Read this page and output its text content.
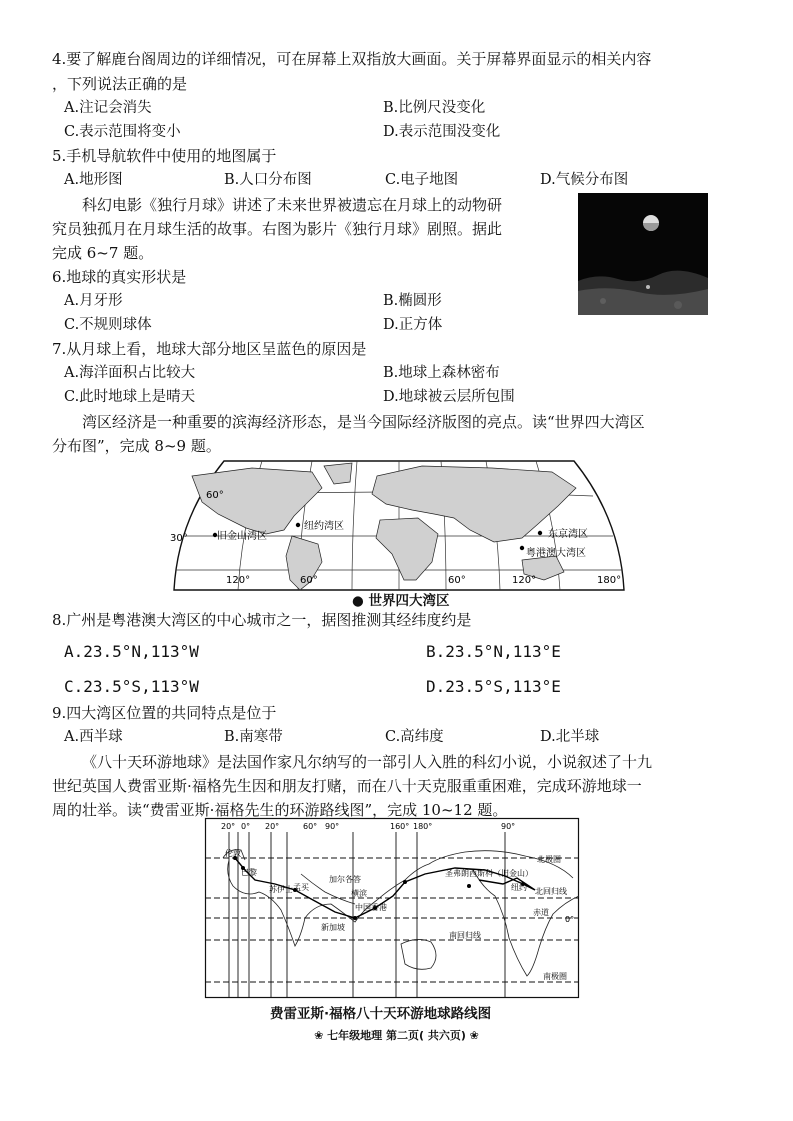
4.要了解鹿台阁周边的详细情况，可在屏幕上双指放大画面。关于屏幕界面显示的相关内容
，下列说法正确的是
A.注记会消失	B.比例尺没变化
C.表示范围将变小	D.表示范围没变化
5.手机导航软件中使用的地图属于
A.地形图	B.人口分布图	C.电子地图	D.气候分布图
科幻电影《独行月球》讲述了未来世界被遗忘在月球上的动物研
究员独孤月在月球生活的故事。右图为影片《独行月球》剧照。据此
完成 6~7 题。
6.地球的真实形状是
A.月牙形	B.椭圆形
C.不规则球体	D.正方体
7.从月球上看，地球大部分地区呈蓝色的原因是
A.海洋面积占比较大	B.地球上森林密布
C.此时地球上是晴天	D.地球被云层所包围
湾区经济是一种重要的滨海经济形态，是当今国际经济版图的亮点。读“世界四大湾区
分布图”，完成 8~9 题。
60°
30°	旧金山湾区
纽约湾区
东京湾区
粤港澳大湾区
120°	60°	60°	120°	180°
● 世界四大湾区
8.广州是粤港澳大湾区的中心城市之一，据图推测其经纬度约是
A.23.5°N,113°W	B.23.5°N,113°E
C.23.5°S,113°W	D.23.5°S,113°E
9.四大湾区位置的共同特点是位于
A.西半球	B.南寒带	C.高纬度	D.北半球
《八十天环游地球》是法国作家凡尔纳写的一部引人入胜的科幻小说，小说叙述了十九
世纪英国人费雷亚斯·福格先生因和朋友打赌，而在八十天克服重重困难，完成环游地球一
周的壮举。读“费雷亚斯·福格先生的环游路线图”，完成 10~12 题。
20° 0° 20°	60° 90°	160° 180°	90°
伦敦
巴黎
苏伊士 孟买
加尔各答
横滨
中国香港
新加坡
圣弗朗西斯科（旧金山）
纽约
北极圈
北回归线
赤道
0°
南回归线
南极圈
费雷亚斯·福格八十天环游地球路线图
❀ 七年级地理 第二页( 共六页) ❀
